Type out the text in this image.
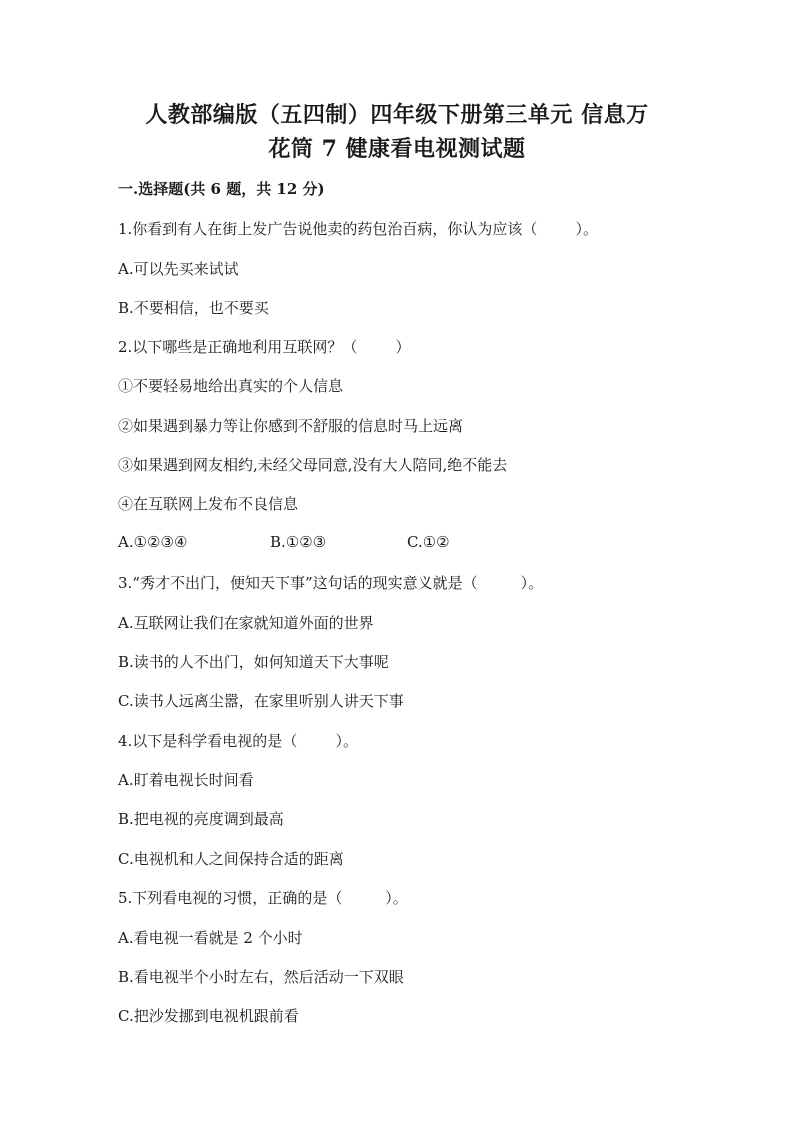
人教部编版（五四制）四年级下册第三单元 信息万
花筒 7 健康看电视测试题
一.选择题(共 6 题，共 12 分)
1.你看到有人在街上发广告说他卖的药包治百病，你认为应该（        ）。
A.可以先买来试试
B.不要相信，也不要买
2.以下哪些是正确地利用互联网？（        ）
①不要轻易地给出真实的个人信息
②如果遇到暴力等让你感到不舒服的信息时马上远离
③如果遇到网友相约,未经父母同意,没有大人陪同,绝不能去
④在互联网上发布不良信息
A.①②③④	B.①②③	C.①②
3.“秀才不出门，便知天下事”这句话的现实意义就是（         ）。
A.互联网让我们在家就知道外面的世界
B.读书的人不出门，如何知道天下大事呢
C.读书人远离尘嚣，在家里听别人讲天下事
4.以下是科学看电视的是（        ）。
A.盯着电视长时间看
B.把电视的亮度调到最高
C.电视机和人之间保持合适的距离
5.下列看电视的习惯，正确的是（         ）。
A.看电视一看就是 2 个小时
B.看电视半个小时左右，然后活动一下双眼
C.把沙发挪到电视机跟前看
